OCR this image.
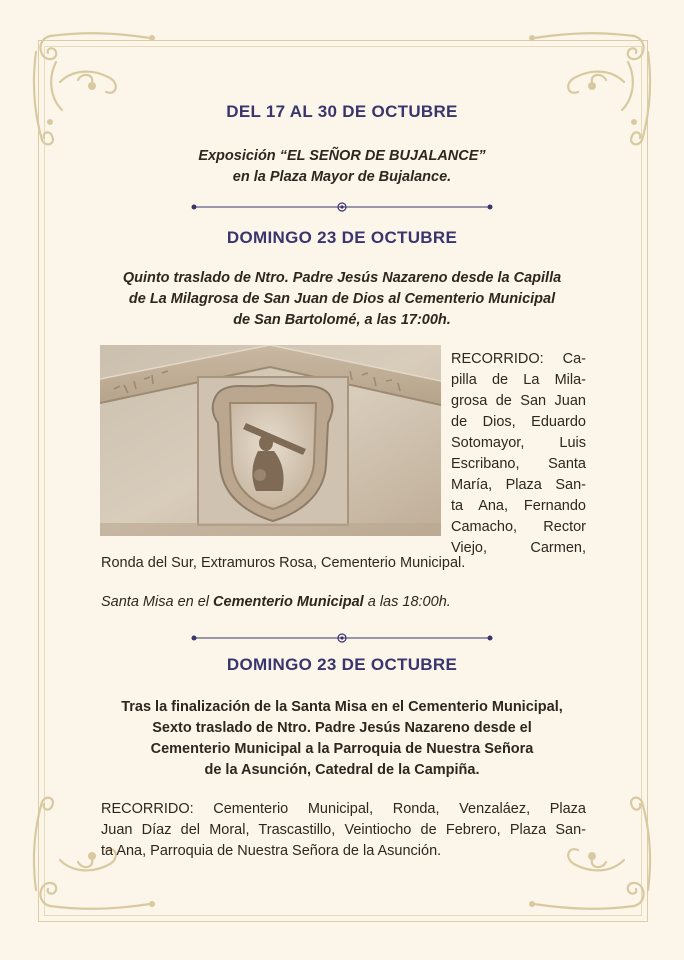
DEL 17 AL 30 DE OCTUBRE
Exposición “EL SEÑOR DE BUJALANCE”
en la Plaza Mayor de Bujalance.
DOMINGO 23 DE OCTUBRE
Quinto traslado de Ntro. Padre Jesús Nazareno desde la Capilla
de La Milagrosa de San Juan de Dios al Cementerio Municipal
de San Bartolomé, a las 17:00h.
RECORRIDO: Ca-
pilla de La Mila-
grosa de San Juan
de Dios, Eduardo
Sotomayor, Luis
Escribano, Santa
María, Plaza San-
ta Ana, Fernando
Camacho, Rector
Viejo, Carmen,
Ronda del Sur, Extramuros Rosa, Cementerio Municipal.
Santa Misa en el Cementerio Municipal a las 18:00h.
DOMINGO 23 DE OCTUBRE
Tras la finalización de la Santa Misa en el Cementerio Municipal,
Sexto traslado de Ntro. Padre Jesús Nazareno desde el
Cementerio Municipal a la Parroquia de Nuestra Señora
de la Asunción, Catedral de la Campiña.
RECORRIDO: Cementerio Municipal, Ronda, Venzaláez, Plaza
Juan Díaz del Moral, Trascastillo, Veintiocho de Febrero, Plaza San-
ta Ana, Parroquia de Nuestra Señora de la Asunción.
